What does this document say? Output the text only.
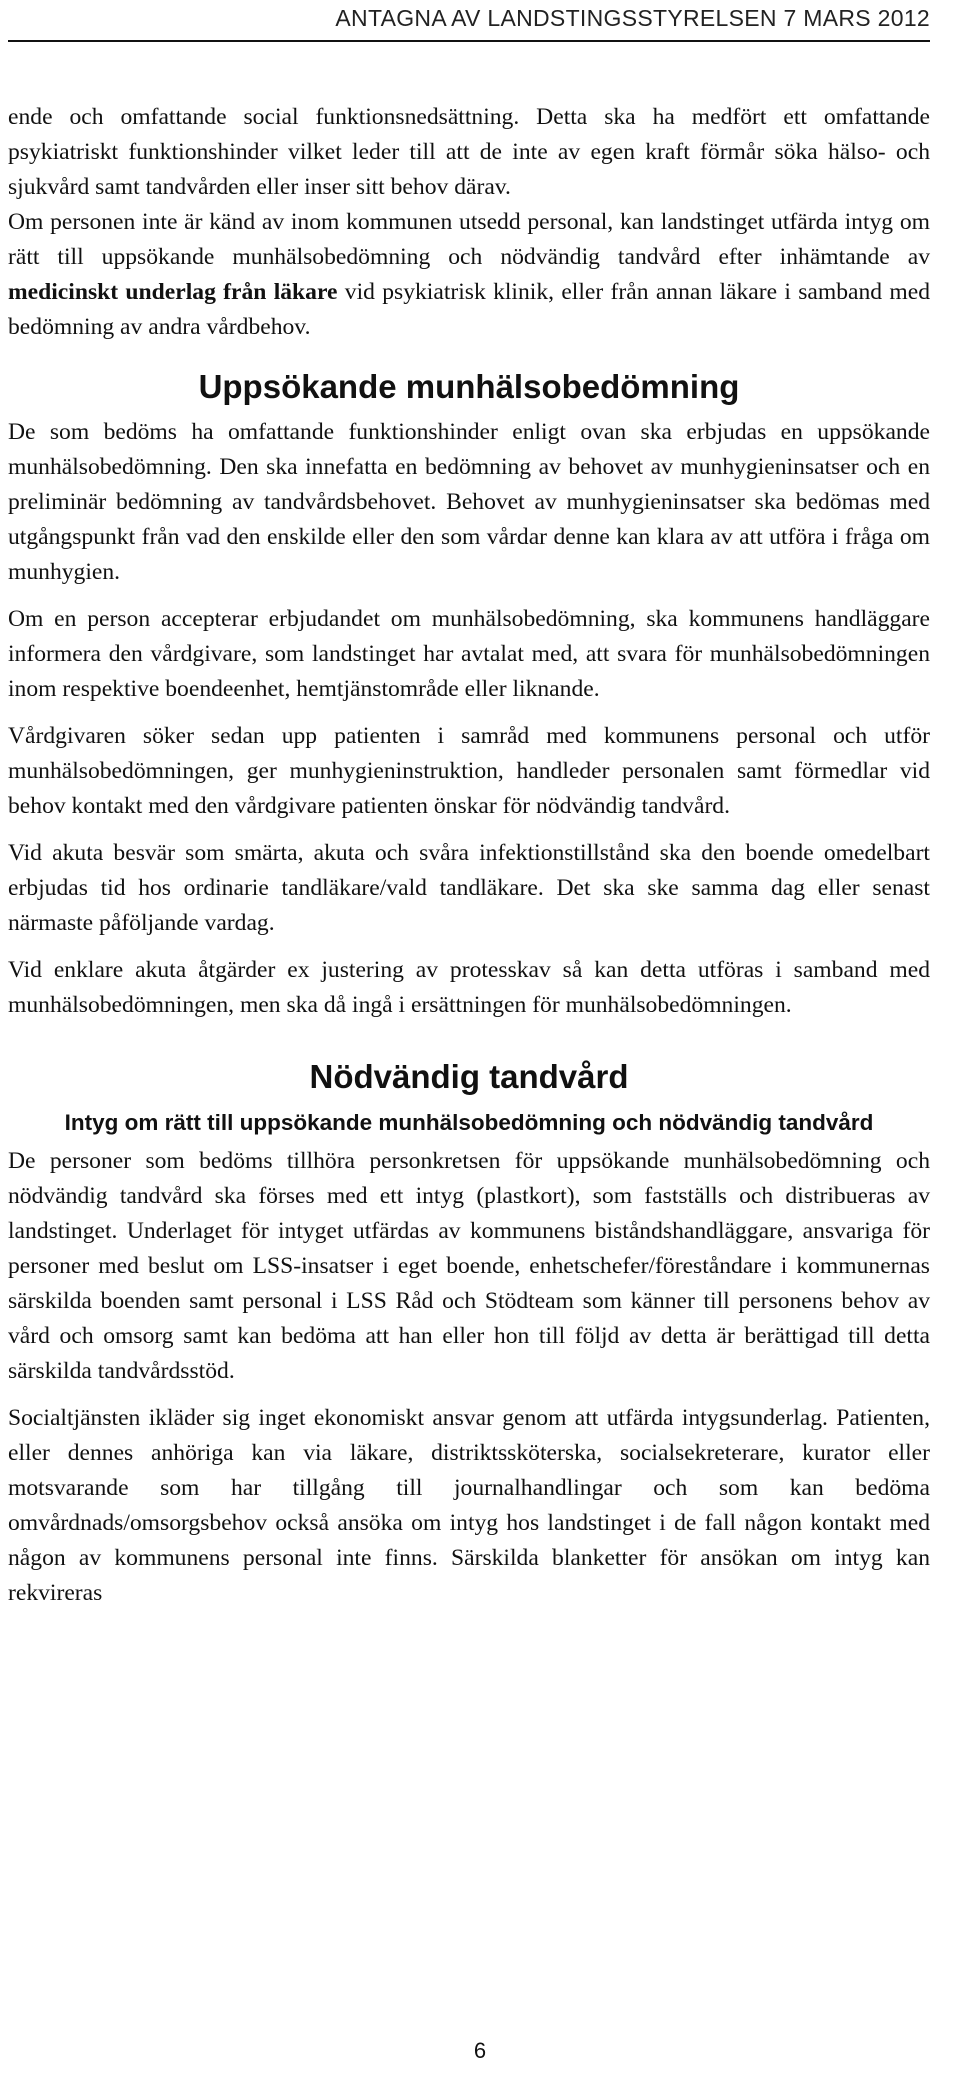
ANTAGNA AV LANDSTINGSSTYRELSEN 7 MARS 2012

ende och omfattande social funktionsnedsättning. Detta ska ha medfört ett omfattande psykiatriskt funktionshinder vilket leder till att de inte av egen kraft förmår söka hälso- och sjukvård samt tandvården eller inser sitt behov därav.

Om personen inte är känd av inom kommunen utsedd personal, kan landstinget utfärda intyg om rätt till uppsökande munhälsobedömning och nödvändig tandvård efter inhämtande av medicinskt underlag från läkare vid psykiatrisk klinik, eller från annan läkare i samband med bedömning av andra vårdbehov.

Uppsökande munhälsobedömning

De som bedöms ha omfattande funktionshinder enligt ovan ska erbjudas en uppsökande munhälsobedömning. Den ska innefatta en bedömning av behovet av munhygieninsatser och en preliminär bedömning av tandvårdsbehovet. Behovet av munhygieninsatser ska bedömas med utgångspunkt från vad den enskilde eller den som vårdar denne kan klara av att utföra i fråga om munhygien.

Om en person accepterar erbjudandet om munhälsobedömning, ska kommunens handläggare informera den vårdgivare, som landstinget har avtalat med, att svara för munhälsobedömningen inom respektive boendeenhet, hemtjänstområde eller liknande.

Vårdgivaren söker sedan upp patienten i samråd med kommunens personal och utför munhälsobedömningen, ger munhygieninstruktion, handleder personalen samt förmedlar vid behov kontakt med den vårdgivare patienten önskar för nödvändig tandvård.

Vid akuta besvär som smärta, akuta och svåra infektionstillstånd ska den boende omedelbart erbjudas tid hos ordinarie tandläkare/vald tandläkare. Det ska ske samma dag eller senast närmaste påföljande vardag.

Vid enklare akuta åtgärder ex justering av protesskav så kan detta utföras i samband med munhälsobedömningen, men ska då ingå i ersättningen för munhälsobedömningen.

Nödvändig tandvård
Intyg om rätt till uppsökande munhälsobedömning och nödvändig tandvård

De personer som bedöms tillhöra personkretsen för uppsökande munhälsobedömning och nödvändig tandvård ska förses med ett intyg (plastkort), som fastställs och distribueras av landstinget. Underlaget för intyget utfärdas av kommunens biståndshandläggare, ansvariga för personer med beslut om LSS-insatser i eget boende, enhetschefer/föreståndare i kommunernas särskilda boenden samt personal i LSS Råd och Stödteam som känner till personens behov av vård och omsorg samt kan bedöma att han eller hon till följd av detta är berättigad till detta särskilda tandvårdsstöd.

Socialtjänsten ikläder sig inget ekonomiskt ansvar genom att utfärda intygsunderlag. Patienten, eller dennes anhöriga kan via läkare, distriktssköterska, socialsekreterare, kurator eller motsvarande som har tillgång till journalhandlingar och som kan bedöma omvårdnads/omsorgsbehov också ansöka om intyg hos landstinget i de fall någon kontakt med någon av kommunens personal inte finns. Särskilda blanketter för ansökan om intyg kan rekvireras

6
